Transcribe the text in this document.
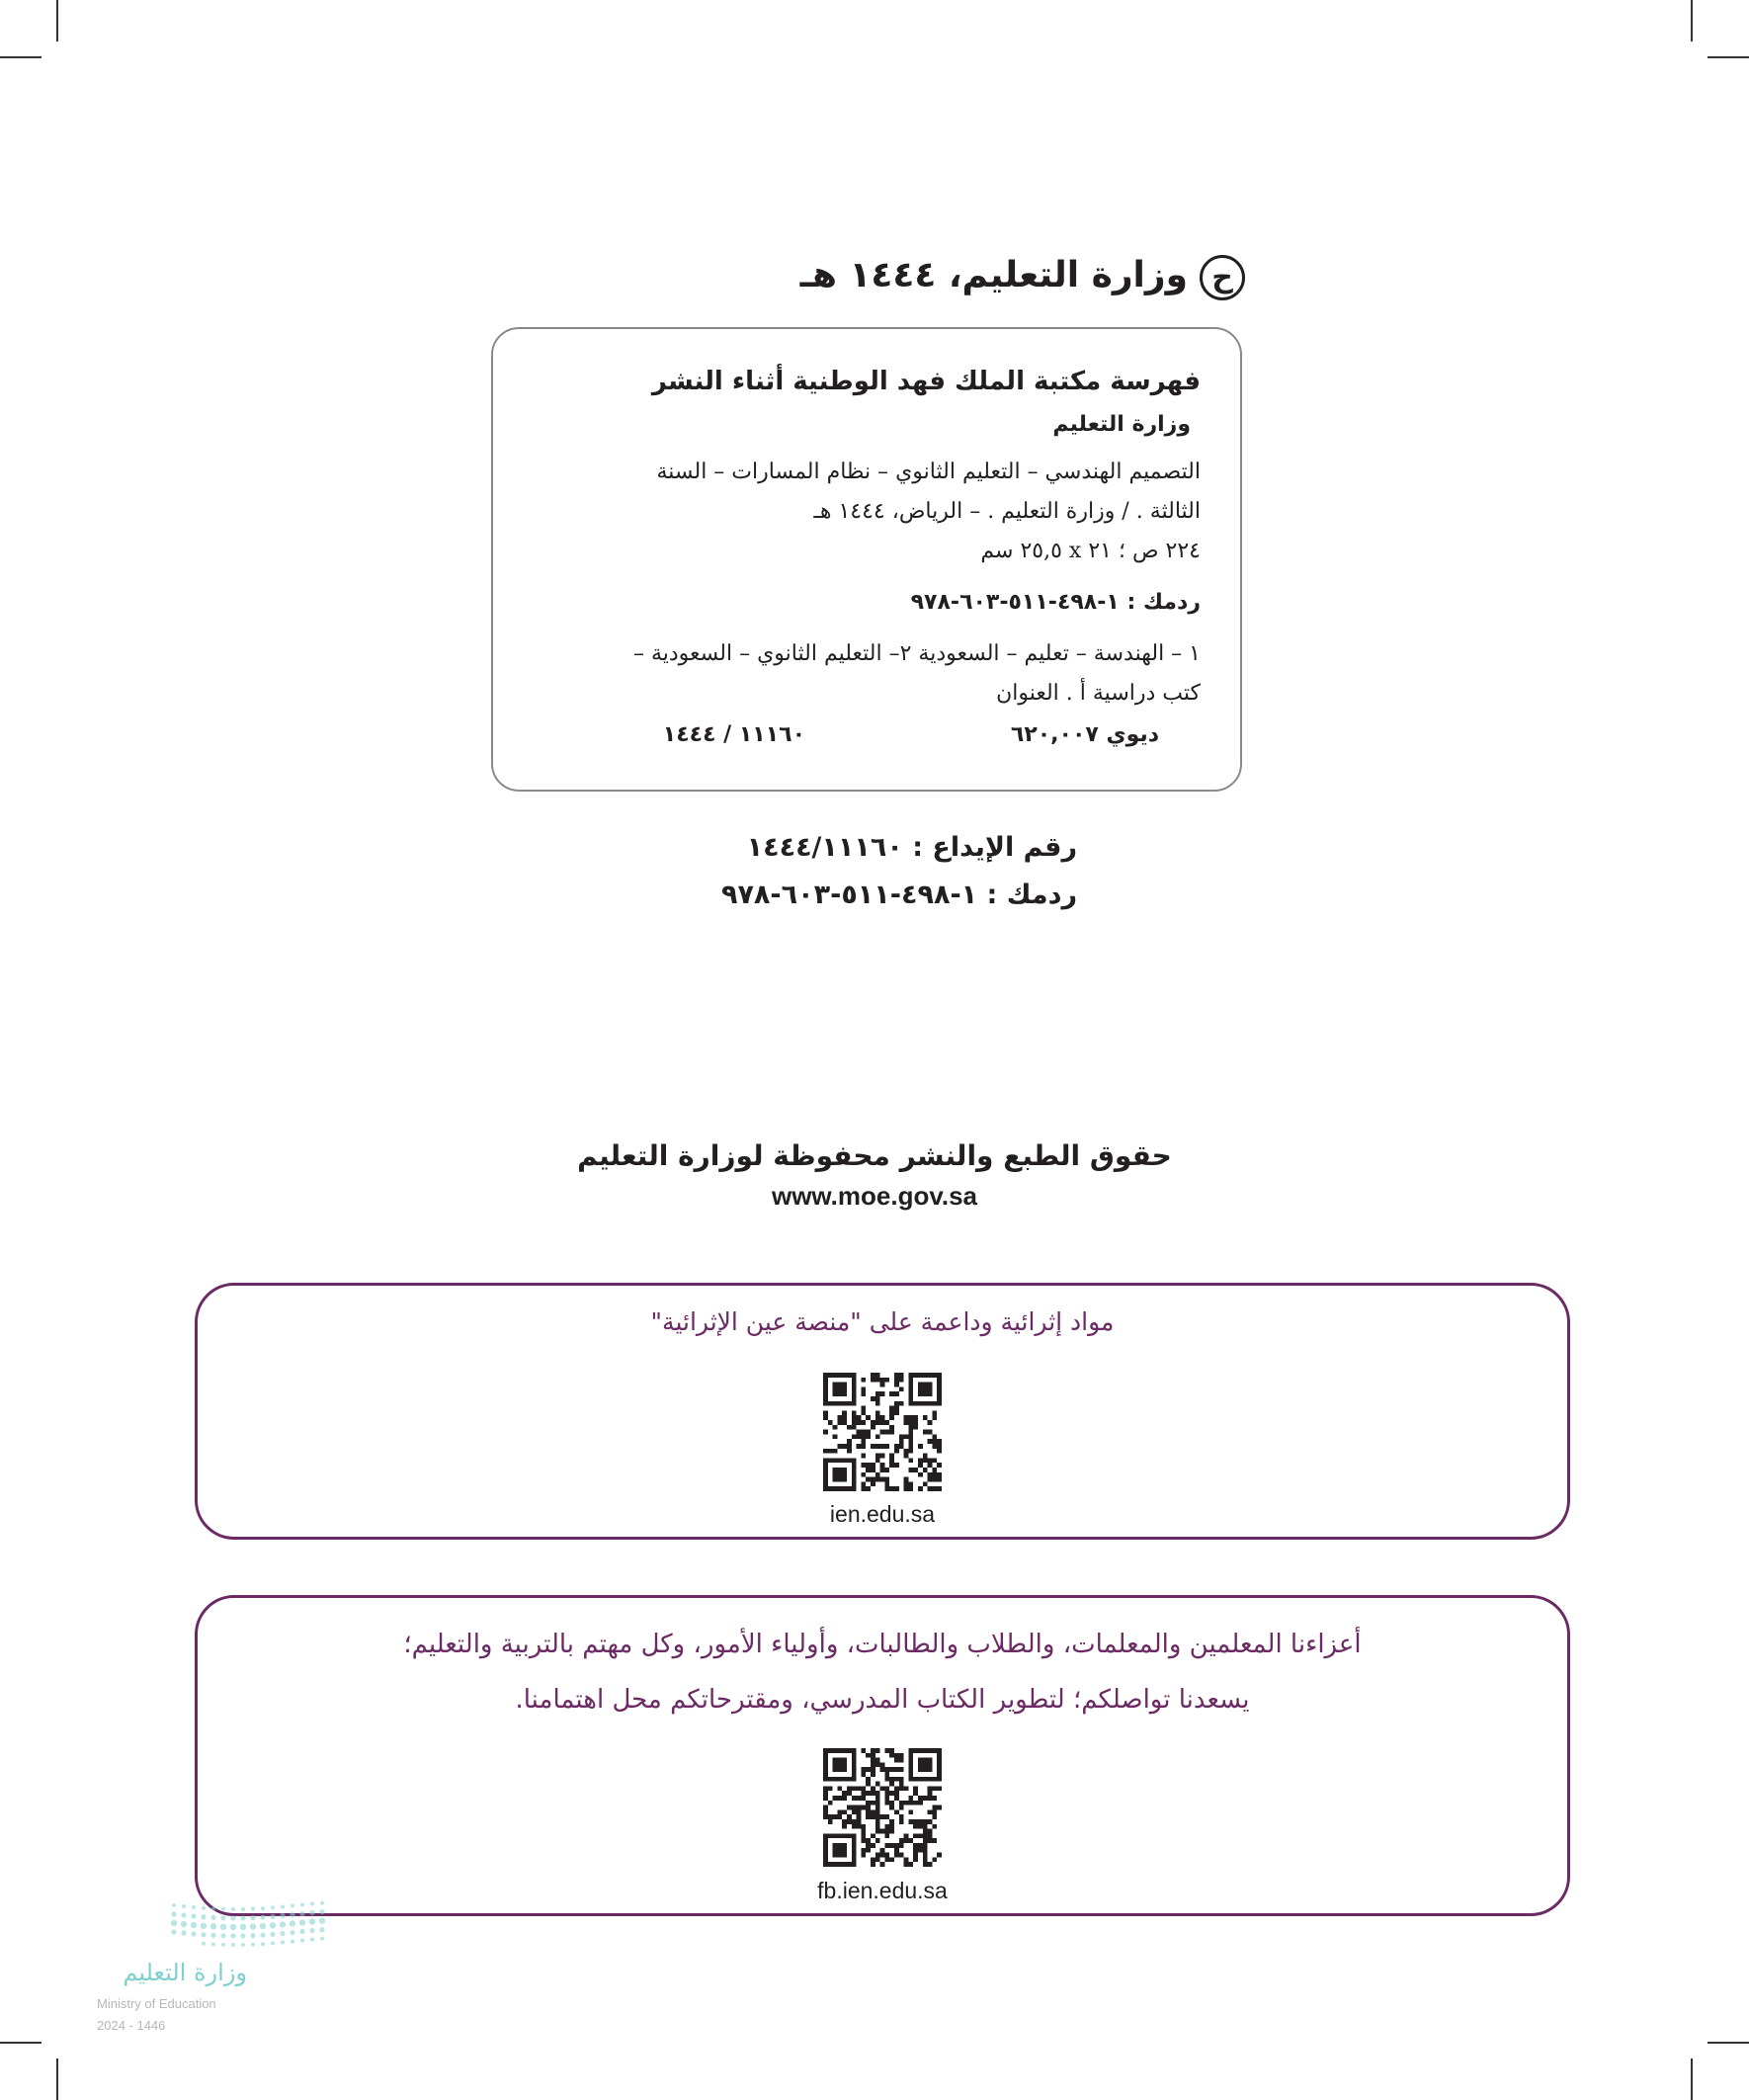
ح
وزارة التعليم، ١٤٤٤ هـ
فهرسة مكتبة الملك فهد الوطنية أثناء النشر
وزارة التعليم
التصميم الهندسي – التعليم الثانوي – نظام المسارات – السنة
الثالثة . / وزارة التعليم . – الرياض، ١٤٤٤ هـ
٢٢٤ ص ؛ ٢١ x ٢٥,٥ سم
ردمك : ١-٤٩٨-٥١١-٦٠٣-٩٧٨
١ – الهندسة – تعليم – السعودية ٢– التعليم الثانوي – السعودية –
كتب دراسية أ . العنوان
ديوي ٦٢٠,٠٠٧
١١١٦٠ / ١٤٤٤
رقم الإيداع : ١٤٤٤/١١١٦٠
ردمك : ١-٤٩٨-٥١١-٦٠٣-٩٧٨
حقوق الطبع والنشر محفوظة لوزارة التعليم
www.moe.gov.sa
مواد إثرائية وداعمة على "منصة عين الإثرائية"
ien.edu.sa
أعزاءنا المعلمين والمعلمات، والطلاب والطالبات، وأولياء الأمور، وكل مهتم بالتربية والتعليم؛
يسعدنا تواصلكم؛ لتطوير الكتاب المدرسي، ومقترحاتكم محل اهتمامنا.
fb.ien.edu.sa
وزارة التعليم
Ministry of Education
2024 - 1446
